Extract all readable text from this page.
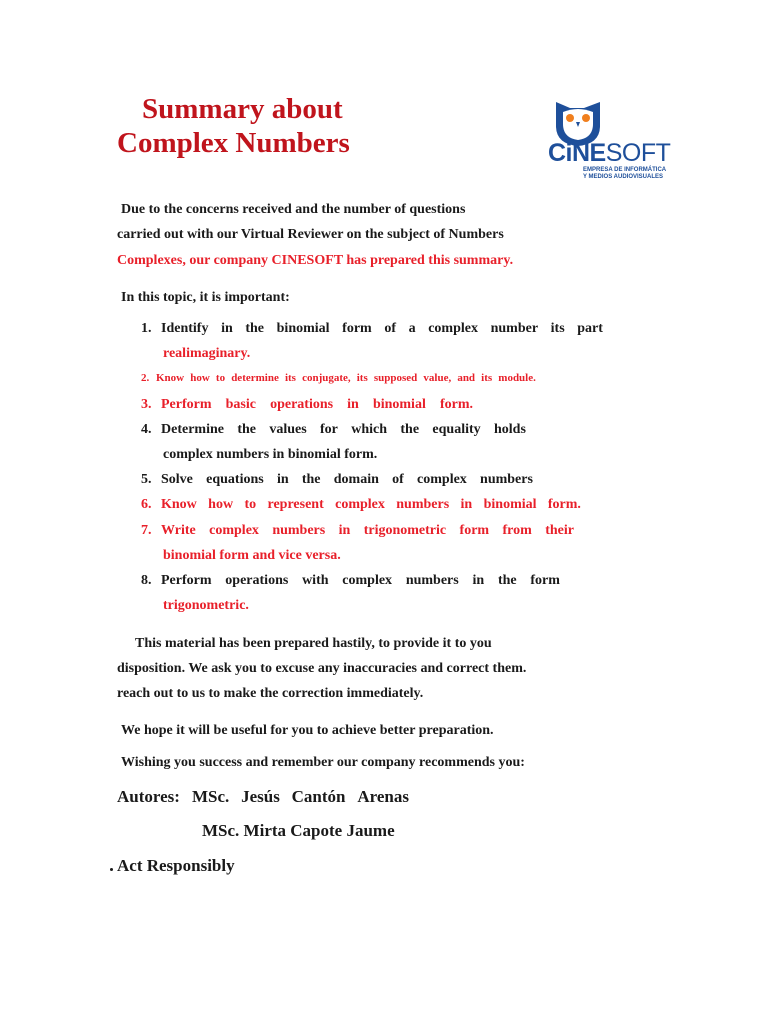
Summary about
Complex Numbers	CiNESOFT
EMPRESA DE INFORMÁTICA
Y MEDIOS AUDIOVISUALES
Due to the concerns received and the number of questions
carried out with our Virtual Reviewer on the subject of Numbers
Complexes, our company CINESOFT has prepared this summary.
In this topic, it is important:
1. Identify in the binomial form of a complex number its part
realimaginary.
2. Know how to determine its conjugate, its supposed value, and its module.
3. Perform basic operations in binomial form.
4. Determine the values for which the equality holds
complex numbers in binomial form.
5. Solve equations in the domain of complex numbers
6. Know how to represent complex numbers in binomial form.
7. Write complex numbers in trigonometric form from their
binomial form and vice versa.
8. Perform operations with complex numbers in the form
trigonometric.
This material has been prepared hastily, to provide it to you
disposition. We ask you to excuse any inaccuracies and correct them.
reach out to us to make the correction immediately.
We hope it will be useful for you to achieve better preparation.
Wishing you success and remember our company recommends you:
Autores: MSc. Jesús Cantón Arenas
MSc. Mirta Capote Jaume
Act Responsibly
